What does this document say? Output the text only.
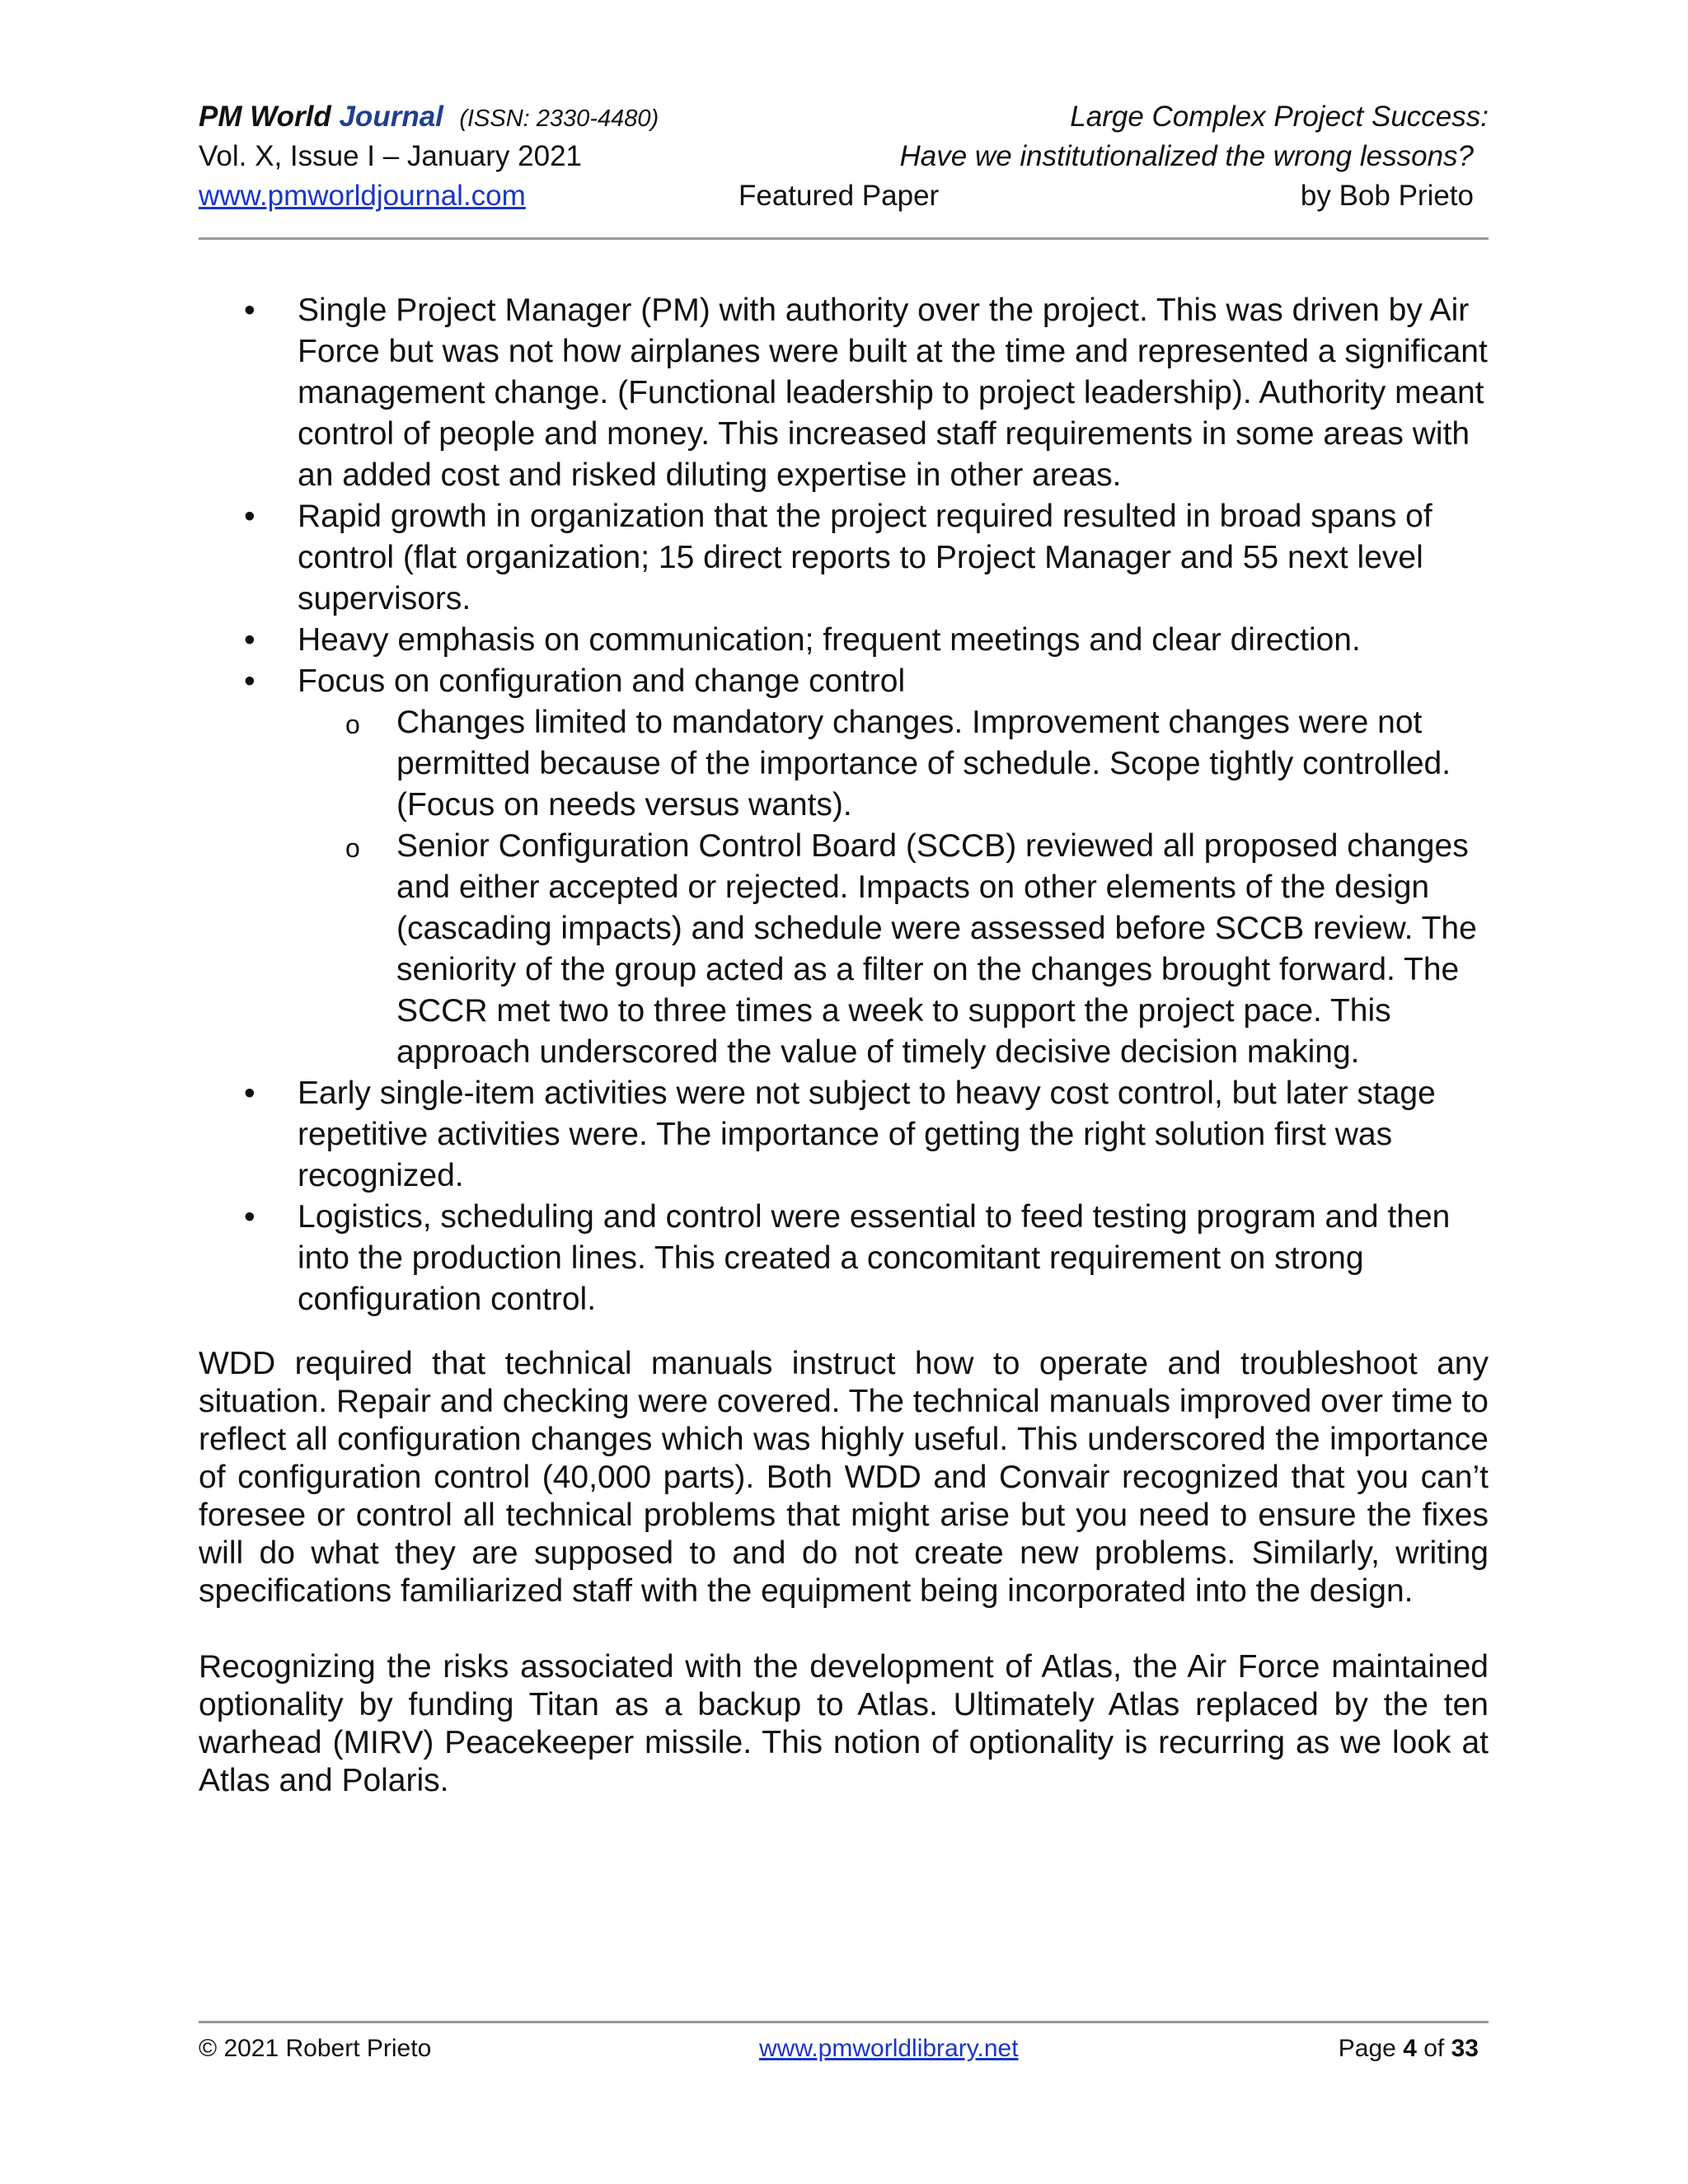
PM World Journal (ISSN: 2330-4480)	Large Complex Project Success:
Vol. X, Issue I – January 2021	Have we institutionalized the wrong lessons?
www.pmworldjournal.com	Featured Paper	by Bob Prieto
• Single Project Manager (PM) with authority over the project. This was driven by Air Force but was not how airplanes were built at the time and represented a significant management change. (Functional leadership to project leadership). Authority meant control of people and money. This increased staff requirements in some areas with an added cost and risked diluting expertise in other areas.
• Rapid growth in organization that the project required resulted in broad spans of control (flat organization; 15 direct reports to Project Manager and 55 next level supervisors.
• Heavy emphasis on communication; frequent meetings and clear direction.
• Focus on configuration and change control
o Changes limited to mandatory changes. Improvement changes were not permitted because of the importance of schedule. Scope tightly controlled. (Focus on needs versus wants).
o Senior Configuration Control Board (SCCB) reviewed all proposed changes and either accepted or rejected. Impacts on other elements of the design (cascading impacts) and schedule were assessed before SCCB review. The seniority of the group acted as a filter on the changes brought forward. The SCCR met two to three times a week to support the project pace. This approach underscored the value of timely decisive decision making.
• Early single-item activities were not subject to heavy cost control, but later stage repetitive activities were. The importance of getting the right solution first was recognized.
• Logistics, scheduling and control were essential to feed testing program and then into the production lines. This created a concomitant requirement on strong configuration control.

WDD required that technical manuals instruct how to operate and troubleshoot any situation. Repair and checking were covered. The technical manuals improved over time to reflect all configuration changes which was highly useful. This underscored the importance of configuration control (40,000 parts). Both WDD and Convair recognized that you can’t foresee or control all technical problems that might arise but you need to ensure the fixes will do what they are supposed to and do not create new problems. Similarly, writing specifications familiarized staff with the equipment being incorporated into the design.

Recognizing the risks associated with the development of Atlas, the Air Force maintained optionality by funding Titan as a backup to Atlas. Ultimately Atlas replaced by the ten warhead (MIRV) Peacekeeper missile. This notion of optionality is recurring as we look at Atlas and Polaris.

© 2021 Robert Prieto	www.pmworldlibrary.net	Page 4 of 33
